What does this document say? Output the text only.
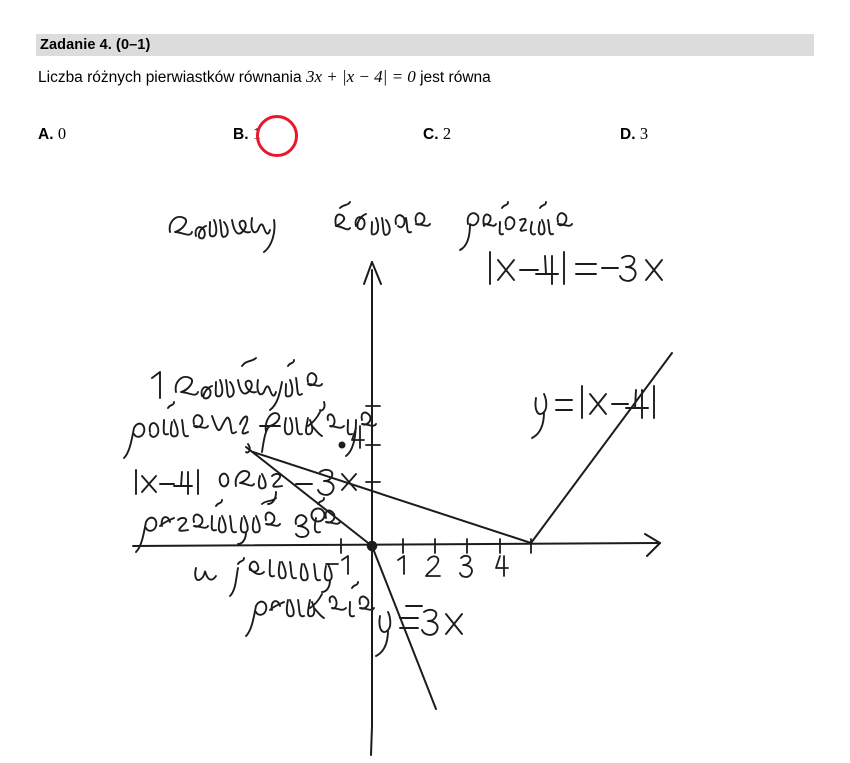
Zadanie 4. (0–1)
Liczba różnych pierwiastków równania 3x + |x − 4| = 0 jest równa
A. 0	B. 1	C. 2	D. 3
